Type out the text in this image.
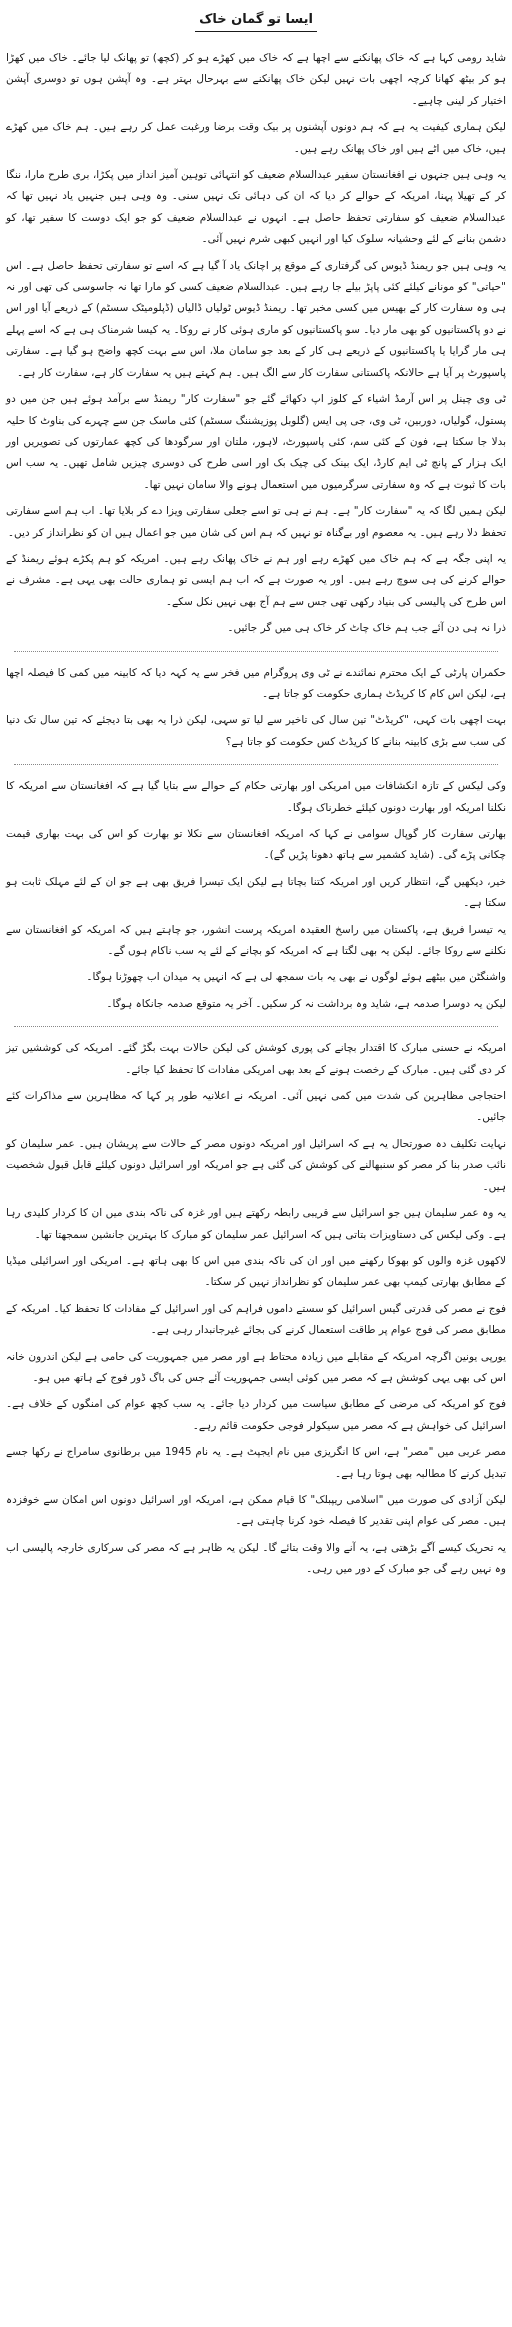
ایسا تو گمان خاک

شاید رومی کہا ہے کہ خاک پھانکنے سے اچھا ہے کہ خاک میں کھڑے ہو کر (کچھ) تو پھانک لیا جائے۔ خاک میں کھڑا ہو کر بیٹھ کھانا کرچہ اچھی بات نہیں لیکن خاک پھانکنے سے بہرحال بہتر ہے۔ وہ آپشن ہوں تو دوسری آپشن اختیار کر لینی چاہیے۔

لیکن ہماری کیفیت یہ ہے کہ ہم دونوں آپشنوں پر بیک وقت برضا ورغبت عمل کر رہے ہیں۔ ہم خاک میں کھڑے ہیں، خاک میں اٹے ہیں اور خاک پھانک رہے ہیں۔

یہ وہی ہیں جنہوں نے افغانستان سفیر عبدالسلام ضعیف کو انتہائی توہین آمیز انداز میں پکڑا، بری طرح مارا، ننگا کر کے تھیلا پہنا، امریکہ کے حوالے کر دیا کہ ان کی دہائی تک نہیں سنی۔ وہ وہی ہیں جنہیں یاد نہیں تھا کہ عبدالسلام ضعیف کو سفارتی تحفظ حاصل ہے۔ انہوں نے عبدالسلام ضعیف کو جو ایک دوست کا سفیر تھا، کو دشمن بنانے کے لئے وحشیانہ سلوک کیا اور انہیں کبھی شرم نہیں آئی۔

یہ وہی ہیں جو ریمنڈ ڈیوس کی گرفتاری کے موقع پر اچانک یاد آ گیا ہے کہ اسے تو سفارتی تحفظ حاصل ہے۔ اس "حیاتی" کو مونانے کیلئے کئی پاپڑ بیلے جا رہے ہیں۔ عبدالسلام ضعیف کسی کو مارا تھا نہ جاسوسی کی تھی اور نہ ہی وہ سفارت کار کے بھیس میں کسی مخبر تھا۔ ریمنڈ ڈیوس ٹولیاں ڈالیاں (ڈپلومیٹک سسٹم) کے ذریعے آیا اور اس نے دو پاکستانیوں کو بھی مار دیا۔ سو پاکستانیوں کو ماری ہوئی کار نے روکا۔ یہ کیسا شرمناک ہی ہے کہ اسے پہلے ہی مار گرایا یا پاکستانیوں کے ذریعے ہی کار کے بعد جو سامان ملا، اس سے بہت کچھ واضح ہو گیا ہے۔ سفارتی پاسپورٹ پر آیا ہے حالانکہ پاکستانی سفارت کار سے الگ ہیں۔ ہم کہتے ہیں یہ سفارت کار ہے، سفارت کار ہے۔

ٹی وی چینل پر اس آرمڈ اشیاء کے کلوز اپ دکھائے گئے جو "سفارت کار" ریمنڈ سے برآمد ہوئے ہیں جن میں دو پستول، گولیاں، دوربین، ٹی وی، جی پی ایس (گلوبل پوزیشننگ سسٹم) کئی ماسک جن سے چہرے کی بناوٹ کا حلیہ بدلا جا سکتا ہے، فون کے کئی سم، کئی پاسپورٹ، لاہور، ملتان اور سرگودھا کی کچھ عمارتوں کی تصویریں اور ایک ہزار کے پانچ ٹی ایم کارڈ، ایک بینک کی چیک بک اور اسی طرح کی دوسری چیزیں شامل تھیں۔ یہ سب اس بات کا ثبوت ہے کہ وہ سفارتی سرگرمیوں میں استعمال ہونے والا سامان نہیں تھا۔

لیکن ہمیں لگا کہ یہ "سفارت کار" ہے۔ ہم نے ہی تو اسے جعلی سفارتی ویزا دے کر بلایا تھا۔ اب ہم اسے سفارتی تحفظ دلا رہے ہیں۔ یہ معصوم اور بےگناہ تو نہیں کہ ہم اس کی شان میں جو اعمال ہیں ان کو نظرانداز کر دیں۔

یہ اپنی جگہ ہے کہ ہم خاک میں کھڑے رہے اور ہم نے خاک پھانک رہے ہیں۔ امریکہ کو ہم پکڑے ہوئے ریمنڈ کے حوالے کرنے کی ہی سوچ رہے ہیں۔ اور یہ صورت ہے کہ اب ہم ایسی تو ہماری حالت بھی یہی ہے۔ مشرف نے اس طرح کی پالیسی کی بنیاد رکھی تھی جس سے ہم آج بھی نہیں نکل سکے۔

ذرا نہ ہی دن آئے جب ہم خاک چاٹ کر خاک ہی میں گر جائیں۔

حکمران پارٹی کے ایک محترم نمائندے نے ٹی وی پروگرام میں فخر سے یہ کہہ دیا کہ کابینہ میں کمی کا فیصلہ اچھا ہے، لیکن اس کام کا کریڈٹ ہماری حکومت کو جاتا ہے۔

بہت اچھی بات کہی، "کریڈٹ" تین سال کی تاخیر سے لیا تو سہی، لیکن ذرا یہ بھی بتا دیجئے کہ تین سال تک دنیا کی سب سے بڑی کابینہ بنانے کا کریڈٹ کس حکومت کو جاتا ہے؟

وکی لیکس کے تازہ انکشافات میں امریکی اور بھارتی حکام کے حوالے سے بتایا گیا ہے کہ افغانستان سے امریکہ کا نکلنا امریکہ اور بھارت دونوں کیلئے خطرناک ہوگا۔

بھارتی سفارت کار گوپال سوامی نے کہا کہ امریکہ افغانستان سے نکلا تو بھارت کو اس کی بہت بھاری قیمت چکانی پڑے گی۔ (شاید کشمیر سے ہاتھ دھونا پڑیں گے)۔

خیر، دیکھیں گے، انتظار کریں اور امریکہ کتنا بچاتا ہے لیکن ایک تیسرا فریق بھی ہے جو ان کے لئے مہلک ثابت ہو سکتا ہے۔

یہ تیسرا فریق ہے، پاکستان میں راسخ العقیدہ امریکہ پرست انشور، جو چاہتے ہیں کہ امریکہ کو افغانستان سے نکلنے سے روکا جائے۔ لیکن یہ بھی لگتا ہے کہ امریکہ کو بچانے کے لئے یہ سب ناکام ہوں گے۔

واشنگٹن میں بیٹھے ہوئے لوگوں نے بھی یہ بات سمجھ لی ہے کہ انہیں یہ میدان اب چھوڑنا ہوگا۔

لیکن یہ دوسرا صدمہ ہے، شاید وہ برداشت نہ کر سکیں۔ آخر یہ متوقع صدمہ جانکاہ ہوگا۔

امریکہ نے حسنی مبارک کا اقتدار بچانے کی پوری کوشش کی لیکن حالات بہت بگڑ گئے۔ امریکہ کی کوششیں تیز کر دی گئی ہیں۔ مبارک کے رخصت ہونے کے بعد بھی امریکی مفادات کا تحفظ کیا جائے۔

احتجاجی مظاہرین کی شدت میں کمی نہیں آئی۔ امریکہ نے اعلانیہ طور پر کہا کہ مظاہرین سے مذاکرات کئے جائیں۔

نہایت تکلیف دہ صورتحال یہ ہے کہ اسرائیل اور امریکہ دونوں مصر کے حالات سے پریشان ہیں۔ عمر سلیمان کو نائب صدر بنا کر مصر کو سنبھالنے کی کوشش کی گئی ہے جو امریکہ اور اسرائیل دونوں کیلئے قابل قبول شخصیت ہیں۔

یہ وہ عمر سلیمان ہیں جو اسرائیل سے قریبی رابطہ رکھتے ہیں اور غزہ کی ناکہ بندی میں ان کا کردار کلیدی رہا ہے۔ وکی لیکس کی دستاویزات بتاتی ہیں کہ اسرائیل عمر سلیمان کو مبارک کا بہترین جانشین سمجھتا تھا۔

لاکھوں غزہ والوں کو بھوکا رکھنے میں اور ان کی ناکہ بندی میں اس کا بھی ہاتھ ہے۔ امریکی اور اسرائیلی میڈیا کے مطابق بھارتی کیمپ بھی عمر سلیمان کو نظرانداز نہیں کر سکتا۔

فوج نے مصر کی قدرتی گیس اسرائیل کو سستے داموں فراہم کی اور اسرائیل کے مفادات کا تحفظ کیا۔ امریکہ کے مطابق مصر کی فوج عوام پر طاقت استعمال کرنے کی بجائے غیرجانبدار رہی ہے۔

یورپی یونین اگرچہ امریکہ کے مقابلے میں زیادہ محتاط ہے اور مصر میں جمہوریت کی حامی ہے لیکن اندرون خانہ اس کی بھی یہی کوشش ہے کہ مصر میں کوئی ایسی جمہوریت آئے جس کی باگ ڈور فوج کے ہاتھ میں ہو۔

فوج کو امریکہ کی مرضی کے مطابق سیاست میں کردار دیا جائے۔ یہ سب کچھ عوام کی امنگوں کے خلاف ہے۔ اسرائیل کی خواہش ہے کہ مصر میں سیکولر فوجی حکومت قائم رہے۔

مصر عربی میں "مصر" ہے، اس کا انگریزی میں نام ایجپٹ ہے۔ یہ نام 1945 میں برطانوی سامراج نے رکھا جسے تبدیل کرنے کا مطالبہ بھی ہوتا رہا ہے۔

لیکن آزادی کی صورت میں "اسلامی ریپبلک" کا قیام ممکن ہے، امریکہ اور اسرائیل دونوں اس امکان سے خوفزدہ ہیں۔ مصر کی عوام اپنی تقدیر کا فیصلہ خود کرنا چاہتی ہے۔

یہ تحریک کیسے آگے بڑھتی ہے، یہ آنے والا وقت بتائے گا۔ لیکن یہ ظاہر ہے کہ مصر کی سرکاری خارجہ پالیسی اب وہ نہیں رہے گی جو مبارک کے دور میں رہی۔
